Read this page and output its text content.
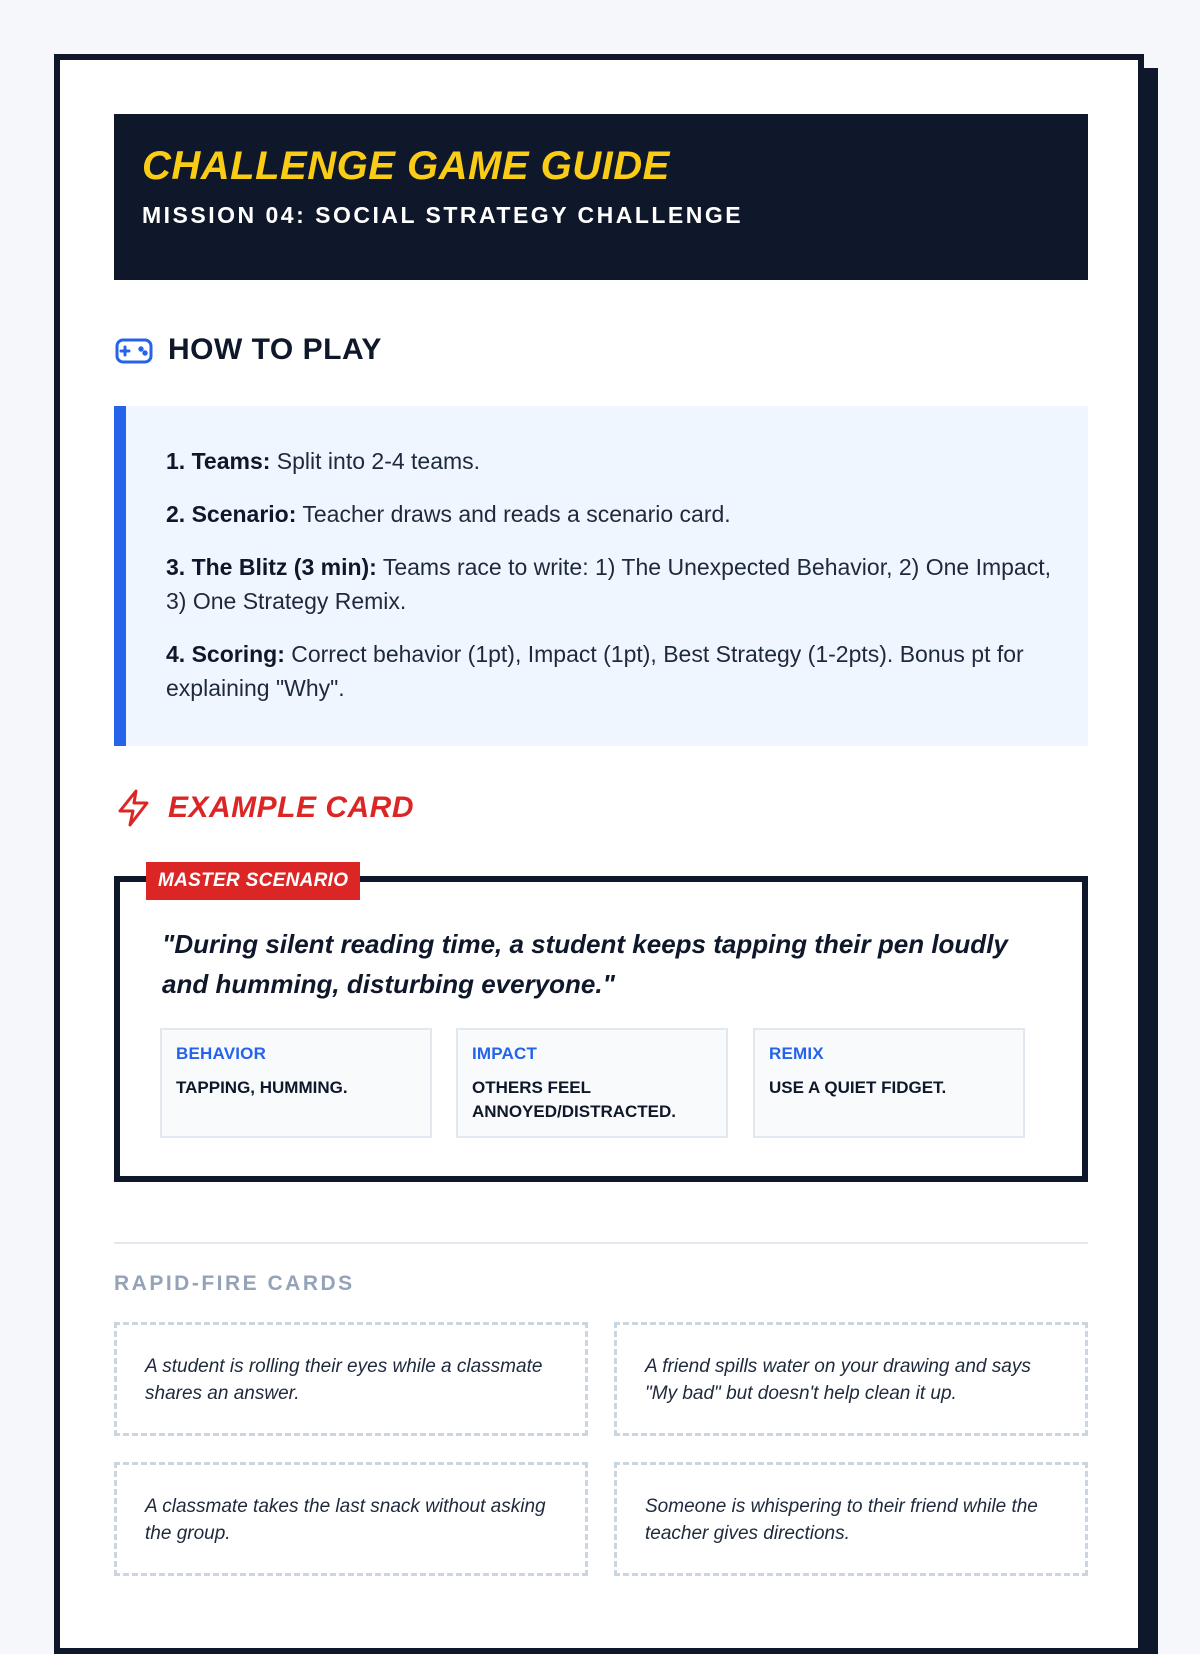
CHALLENGE GAME GUIDE
MISSION 04: SOCIAL STRATEGY CHALLENGE
HOW TO PLAY
1. Teams: Split into 2-4 teams.
2. Scenario: Teacher draws and reads a scenario card.
3. The Blitz (3 min): Teams race to write: 1) The Unexpected Behavior, 2) One Impact, 3) One Strategy Remix.
4. Scoring: Correct behavior (1pt), Impact (1pt), Best Strategy (1-2pts). Bonus pt for explaining "Why".
EXAMPLE CARD
MASTER SCENARIO
"During silent reading time, a student keeps tapping their pen loudly and humming, disturbing everyone."
BEHAVIOR
TAPPING, HUMMING.
IMPACT
OTHERS FEEL ANNOYED/DISTRACTED.
REMIX
USE A QUIET FIDGET.
RAPID-FIRE CARDS
A student is rolling their eyes while a classmate shares an answer.
A friend spills water on your drawing and says "My bad" but doesn't help clean it up.
A classmate takes the last snack without asking the group.
Someone is whispering to their friend while the teacher gives directions.
